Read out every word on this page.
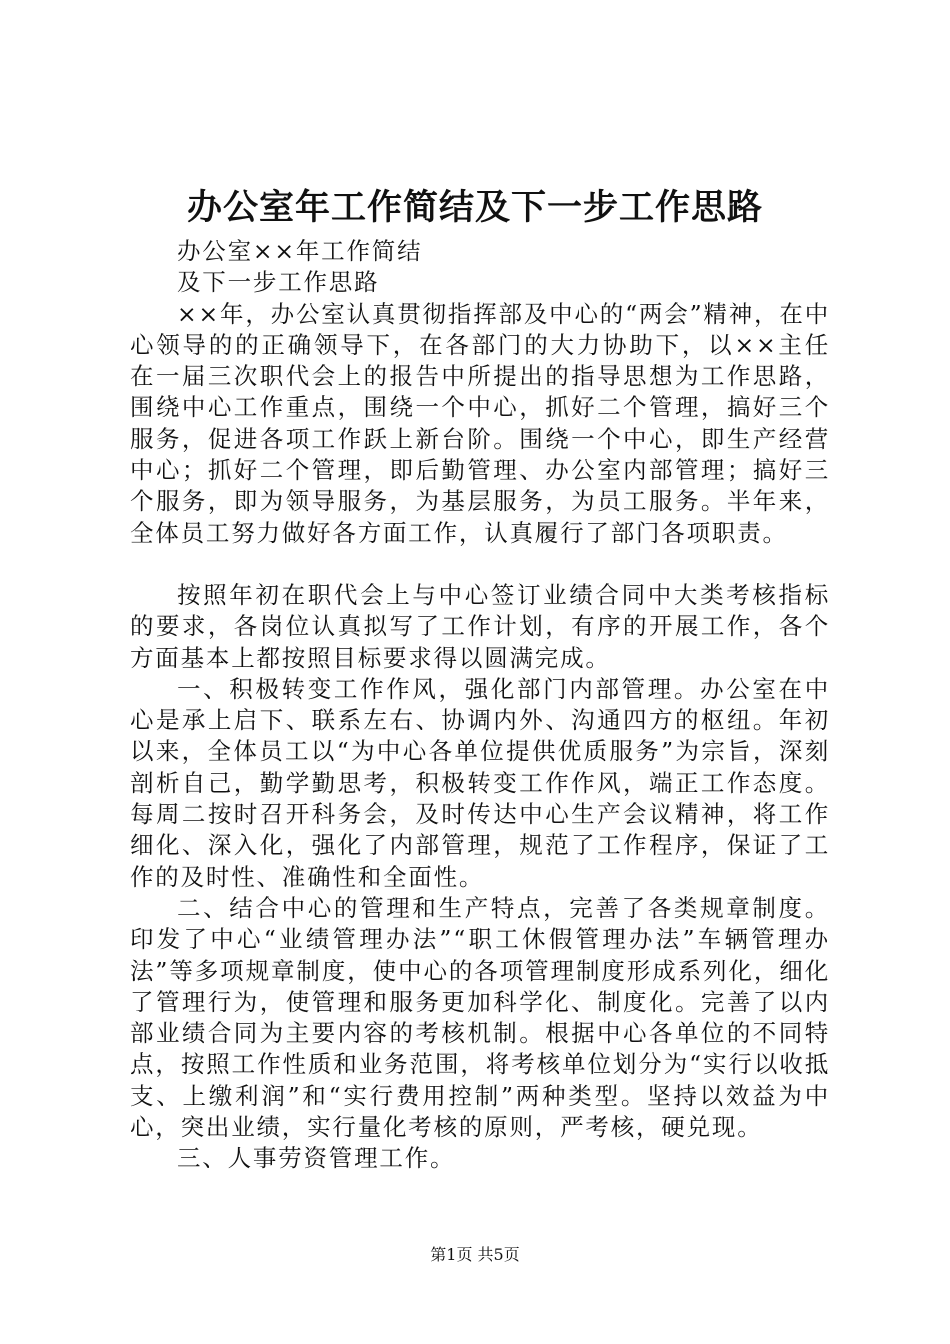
办公室年工作简结及下一步工作思路

办公室××年工作简结

及下一步工作思路

××年，办公室认真贯彻指挥部及中心的“两会”精神，在中心领导的的正确领导下，在各部门的大力协助下，以××主任在一届三次职代会上的报告中所提出的指导思想为工作思路，围绕中心工作重点，围绕一个中心，抓好二个管理，搞好三个服务，促进各项工作跃上新台阶。围绕一个中心，即生产经营中心；抓好二个管理，即后勤管理、办公室内部管理；搞好三个服务，即为领导服务，为基层服务，为员工服务。半年来，全体员工努力做好各方面工作，认真履行了部门各项职责。

按照年初在职代会上与中心签订业绩合同中大类考核指标的要求，各岗位认真拟写了工作计划，有序的开展工作，各个方面基本上都按照目标要求得以圆满完成。

一、积极转变工作作风，强化部门内部管理。办公室在中心是承上启下、联系左右、协调内外、沟通四方的枢纽。年初以来，全体员工以“为中心各单位提供优质服务”为宗旨，深刻剖析自己，勤学勤思考，积极转变工作作风，端正工作态度。每周二按时召开科务会，及时传达中心生产会议精神，将工作细化、深入化，强化了内部管理，规范了工作程序，保证了工作的及时性、准确性和全面性。

二、结合中心的管理和生产特点，完善了各类规章制度。印发了中心“业绩管理办法”“职工休假管理办法”车辆管理办法”等多项规章制度，使中心的各项管理制度形成系列化，细化了管理行为，使管理和服务更加科学化、制度化。完善了以内部业绩合同为主要内容的考核机制。根据中心各单位的不同特点，按照工作性质和业务范围，将考核单位划分为“实行以收抵支、上缴利润”和“实行费用控制”两种类型。坚持以效益为中心，突出业绩，实行量化考核的原则，严考核，硬兑现。

三、人事劳资管理工作。

第1页 共5页
